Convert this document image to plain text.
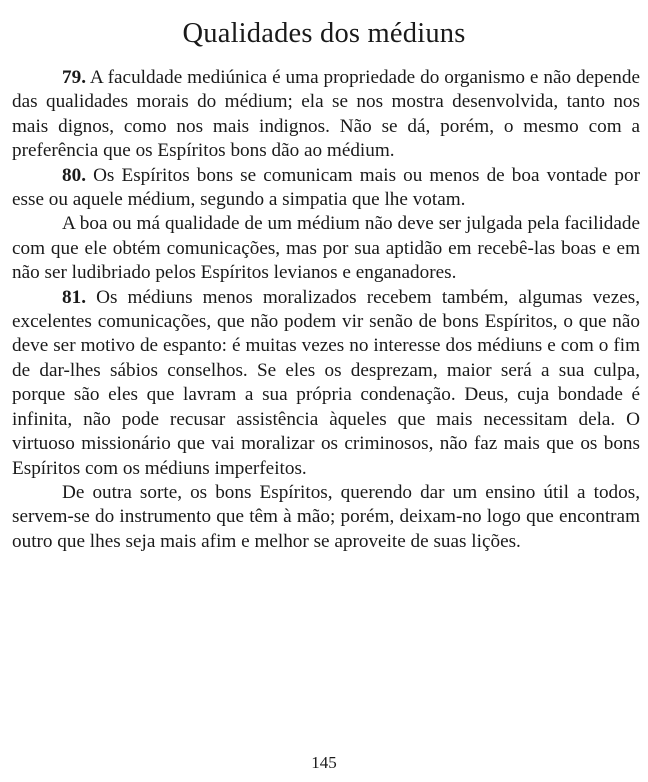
Qualidades dos médiuns

79. A faculdade mediúnica é uma propriedade do organismo e não depende das qualidades morais do médium; ela se nos mostra desenvolvida, tanto nos mais dignos, como nos mais indignos. Não se dá, porém, o mesmo com a preferência que os Espíritos bons dão ao médium.

80. Os Espíritos bons se comunicam mais ou menos de boa vontade por esse ou aquele médium, segundo a simpatia que lhe votam.

A boa ou má qualidade de um médium não deve ser julgada pela facilidade com que ele obtém comunicações, mas por sua aptidão em recebê-las boas e em não ser ludibriado pelos Espíritos levianos e enganadores.

81. Os médiuns menos moralizados recebem também, algumas vezes, excelentes comunicações, que não podem vir senão de bons Espíritos, o que não deve ser motivo de espanto: é muitas vezes no interesse dos médiuns e com o fim de dar-lhes sábios conselhos. Se eles os desprezam, maior será a sua culpa, porque são eles que lavram a sua própria condenação. Deus, cuja bondade é infinita, não pode recusar assistência àqueles que mais necessitam dela. O virtuoso missionário que vai moralizar os criminosos, não faz mais que os bons Espíritos com os médiuns imperfeitos.

De outra sorte, os bons Espíritos, querendo dar um ensino útil a todos, servem-se do instrumento que têm à mão; porém, deixam-no logo que encontram outro que lhes seja mais afim e melhor se aproveite de suas lições.

145
